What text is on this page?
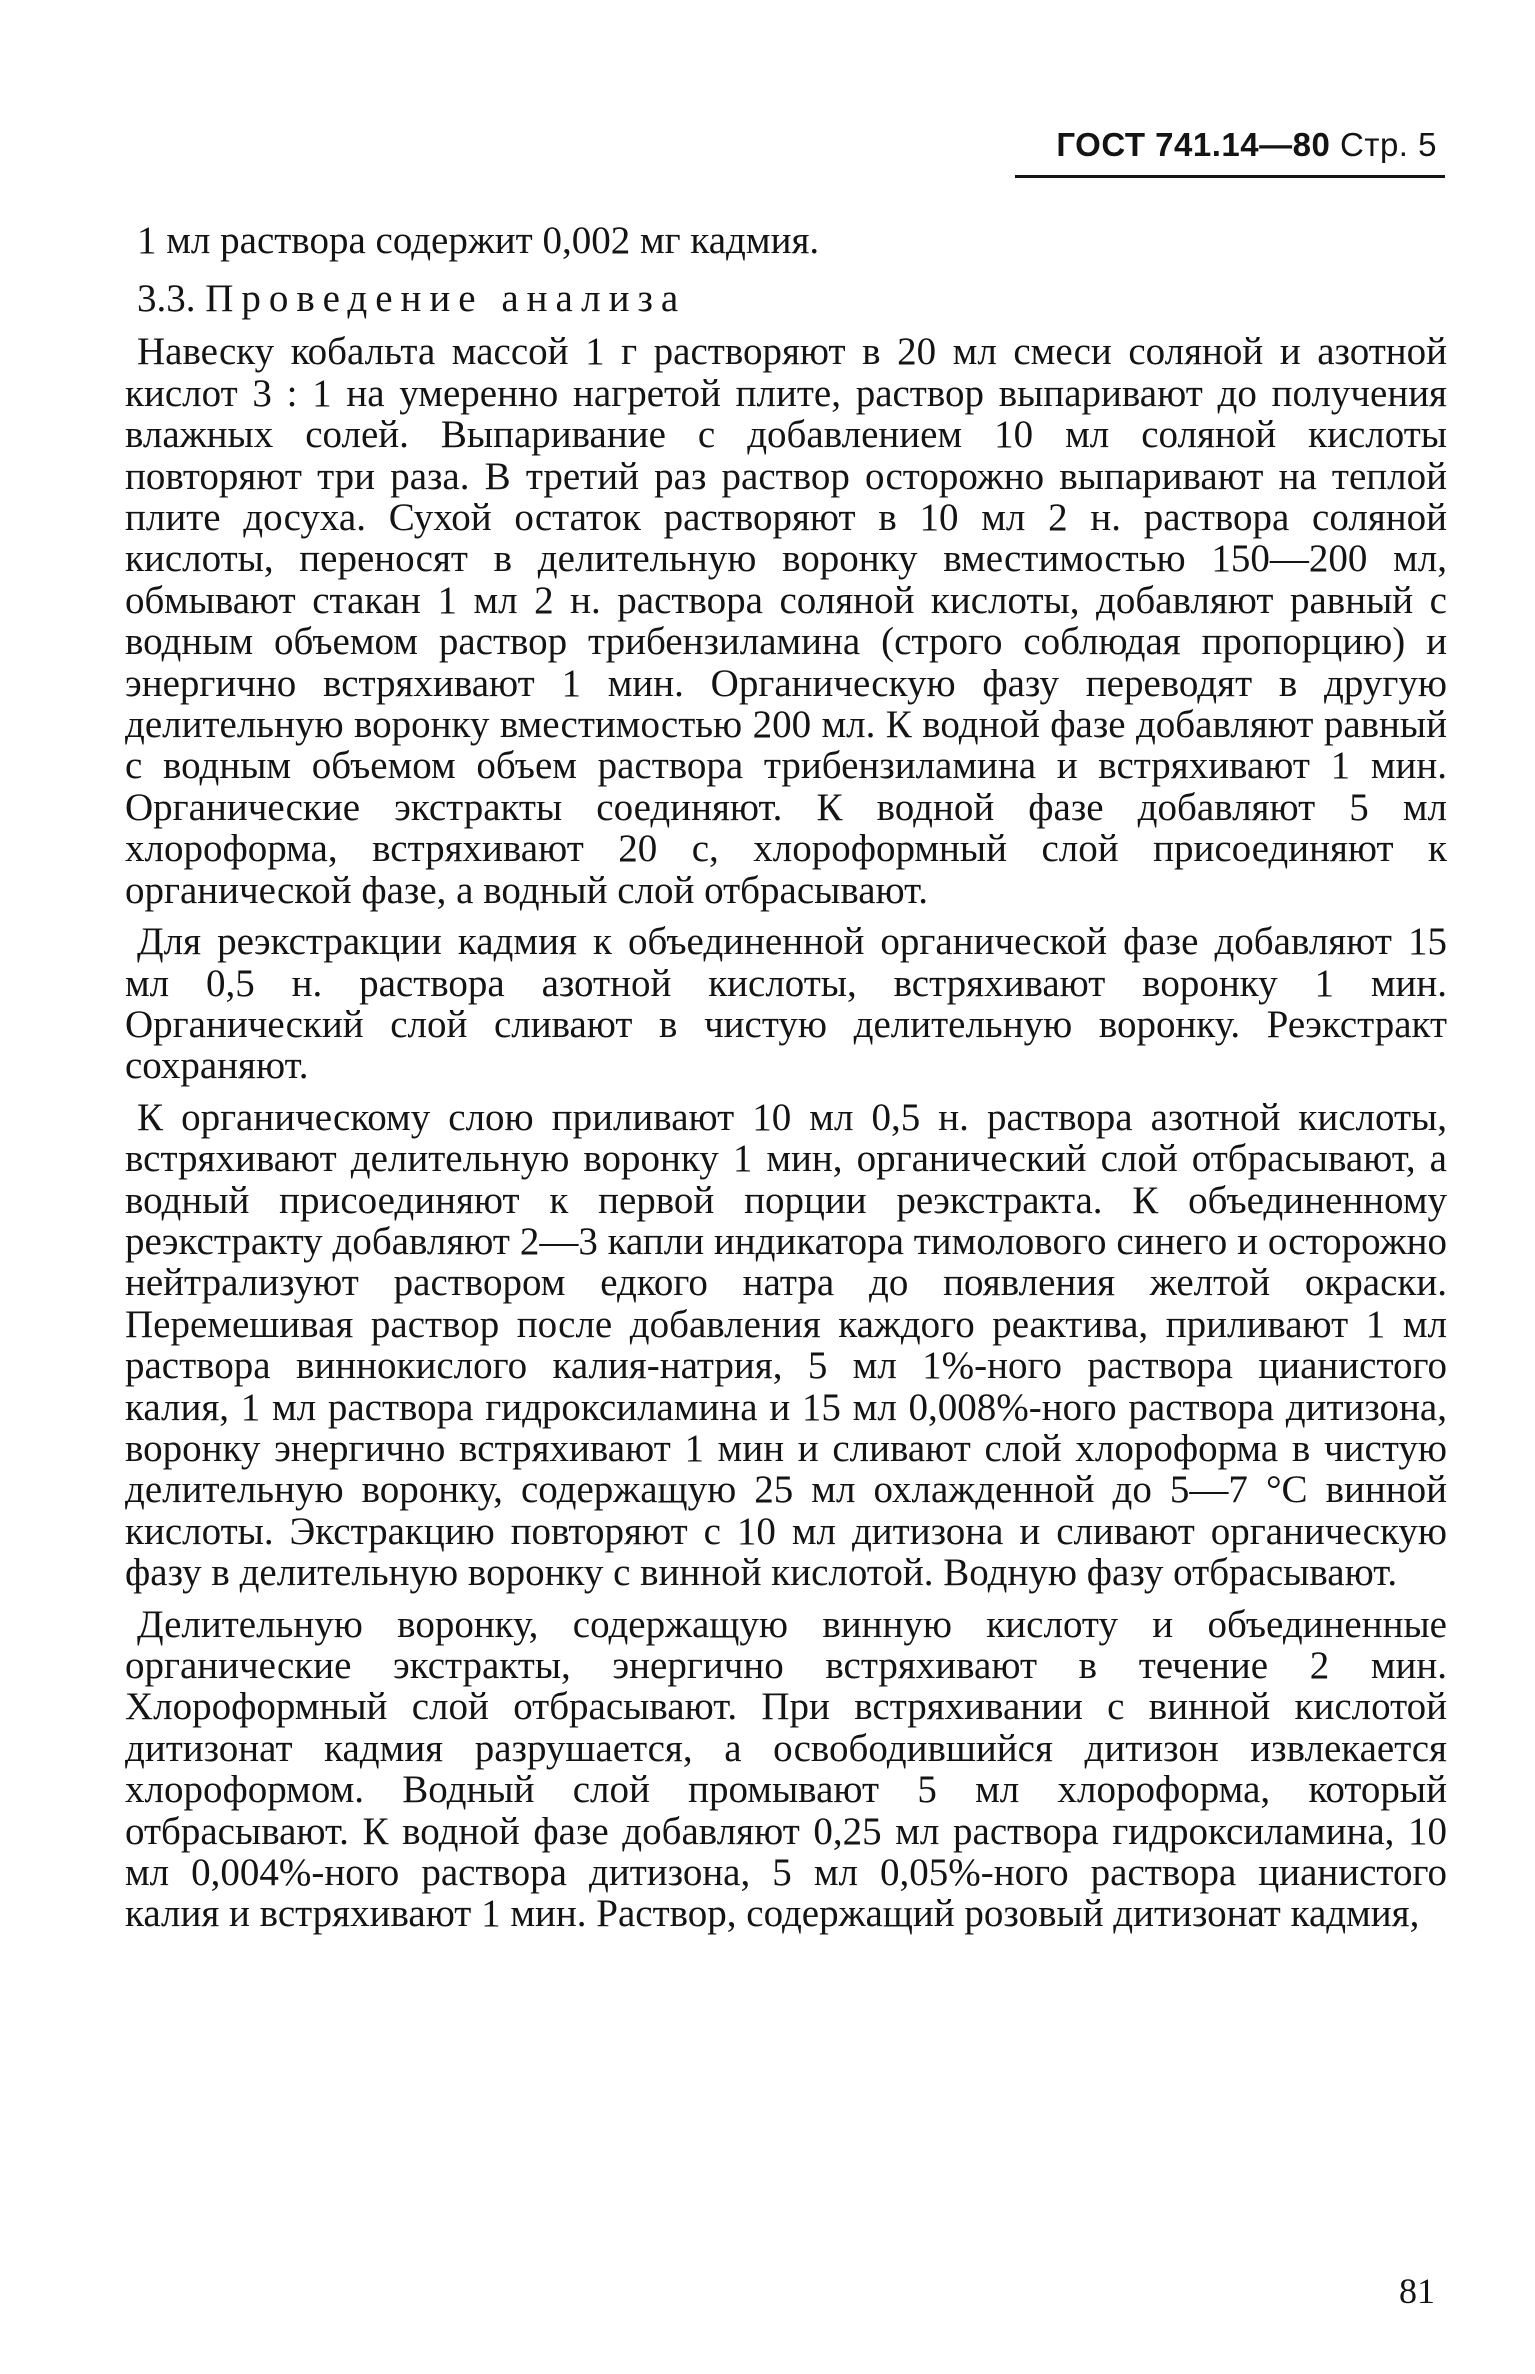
ГОСТ 741.14—80 Стр. 5

1 мл раствора содержит 0,002 мг кадмия.

3.3. Проведение анализа

Навеску кобальта массой 1 г растворяют в 20 мл смеси соляной и азотной кислот 3 : 1 на умеренно нагретой плите, раствор выпаривают до получения влажных солей. Выпаривание с добавлением 10 мл соляной кислоты повторяют три раза. В третий раз раствор осторожно выпаривают на теплой плите досуха. Сухой остаток растворяют в 10 мл 2 н. раствора соляной кислоты, переносят в делительную воронку вместимостью 150—200 мл, обмывают стакан 1 мл 2 н. раствора соляной кислоты, добавляют равный с водным объемом раствор трибензиламина (строго соблюдая пропорцию) и энергично встряхивают 1 мин. Органическую фазу переводят в другую делительную воронку вместимостью 200 мл. К водной фазе добавляют равный с водным объемом объем раствора трибензиламина и встряхивают 1 мин. Органические экстракты соединяют. К водной фазе добавляют 5 мл хлороформа, встряхивают 20 с, хлороформный слой присоединяют к органической фазе, а водный слой отбрасывают.

Для реэкстракции кадмия к объединенной органической фазе добавляют 15 мл 0,5 н. раствора азотной кислоты, встряхивают воронку 1 мин. Органический слой сливают в чистую делительную воронку. Реэкстракт сохраняют.

К органическому слою приливают 10 мл 0,5 н. раствора азотной кислоты, встряхивают делительную воронку 1 мин, органический слой отбрасывают, а водный присоединяют к первой порции реэкстракта. К объединенному реэкстракту добавляют 2—3 капли индикатора тимолового синего и осторожно нейтрализуют раствором едкого натра до появления желтой окраски. Перемешивая раствор после добавления каждого реактива, приливают 1 мл раствора виннокислого калия-натрия, 5 мл 1%-ного раствора цианистого калия, 1 мл раствора гидроксиламина и 15 мл 0,008%-ного раствора дитизона, воронку энергично встряхивают 1 мин и сливают слой хлороформа в чистую делительную воронку, содержащую 25 мл охлажденной до 5—7 °С винной кислоты. Экстракцию повторяют с 10 мл дитизона и сливают органическую фазу в делительную воронку с винной кислотой. Водную фазу отбрасывают.

Делительную воронку, содержащую винную кислоту и объединенные органические экстракты, энергично встряхивают в течение 2 мин. Хлороформный слой отбрасывают. При встряхивании с винной кислотой дитизонат кадмия разрушается, а освободившийся дитизон извлекается хлороформом. Водный слой промывают 5 мл хлороформа, который отбрасывают. К водной фазе добавляют 0,25 мл раствора гидроксиламина, 10 мл 0,004%-ного раствора дитизона, 5 мл 0,05%-ного раствора цианистого калия и встряхивают 1 мин. Раствор, содержащий розовый дитизонат кадмия,

81
